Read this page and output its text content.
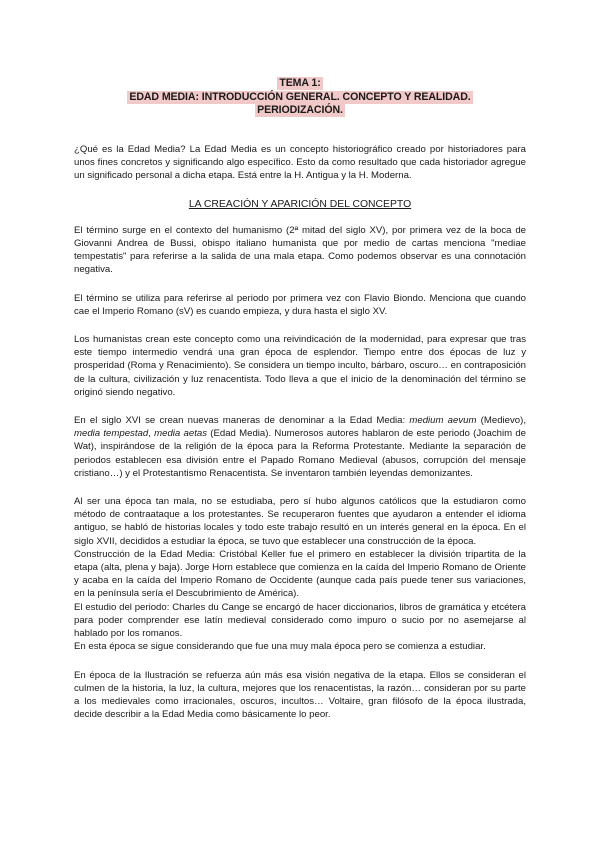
TEMA 1:
EDAD MEDIA: INTRODUCCIÓN GENERAL. CONCEPTO Y REALIDAD.
PERIODIZACIÓN.

¿Qué es la Edad Media? La Edad Media es un concepto historiográfico creado por historiadores para unos fines concretos y significando algo específico. Esto da como resultado que cada historiador agregue un significado personal a dicha etapa. Está entre la H. Antigua y la H. Moderna.

LA CREACIÓN Y APARICIÓN DEL CONCEPTO

El término surge en el contexto del humanismo (2ª mitad del siglo XV), por primera vez de la boca de Giovanni Andrea de Bussi, obispo italiano humanista que por medio de cartas menciona "mediae tempestatis" para referirse a la salida de una mala etapa. Como podemos observar es una connotación negativa.

El término se utiliza para referirse al periodo por primera vez con Flavio Biondo. Menciona que cuando cae el Imperio Romano (sV) es cuando empieza, y dura hasta el siglo XV.

Los humanistas crean este concepto como una reivindicación de la modernidad, para expresar que tras este tiempo intermedio vendrá una gran época de esplendor. Tiempo entre dos épocas de luz y prosperidad (Roma y Renacimiento). Se considera un tiempo inculto, bárbaro, oscuro… en contraposición de la cultura, civilización y luz renacentista. Todo lleva a que el inicio de la denominación del término se originó siendo negativo.

En el siglo XVI se crean nuevas maneras de denominar a la Edad Media: medium aevum (Medievo), media tempestad, media aetas (Edad Media). Numerosos autores hablaron de este periodo (Joachim de Wat), inspirándose de la religión de la época para la Reforma Protestante. Mediante la separación de periodos establecen esa división entre el Papado Romano Medieval (abusos, corrupción del mensaje cristiano…) y el Protestantismo Renacentista. Se inventaron también leyendas demonizantes.

Al ser una época tan mala, no se estudiaba, pero sí hubo algunos católicos que la estudiaron como método de contraataque a los protestantes. Se recuperaron fuentes que ayudaron a entender el idioma antiguo, se habló de historias locales y todo este trabajo resultó en un interés general en la época. En el siglo XVII, decididos a estudiar la época, se tuvo que establecer una construcción de la época.

Construcción de la Edad Media: Cristóbal Keller fue el primero en establecer la división tripartita de la etapa (alta, plena y baja). Jorge Horn establece que comienza en la caída del Imperio Romano de Oriente y acaba en la caída del Imperio Romano de Occidente (aunque cada país puede tener sus variaciones, en la península sería el Descubrimiento de América).

El estudio del periodo: Charles du Cange se encargó de hacer diccionarios, libros de gramática y etcétera para poder comprender ese latín medieval considerado como impuro o sucio por no asemejarse al hablado por los romanos.

En esta época se sigue considerando que fue una muy mala época pero se comienza a estudiar.

En época de la Ilustración se refuerza aún más esa visión negativa de la etapa. Ellos se consideran el culmen de la historia, la luz, la cultura, mejores que los renacentistas, la razón… consideran por su parte a los medievales como irracionales, oscuros, incultos… Voltaire, gran filósofo de la época ilustrada, decide describir a la Edad Media como básicamente lo peor.
